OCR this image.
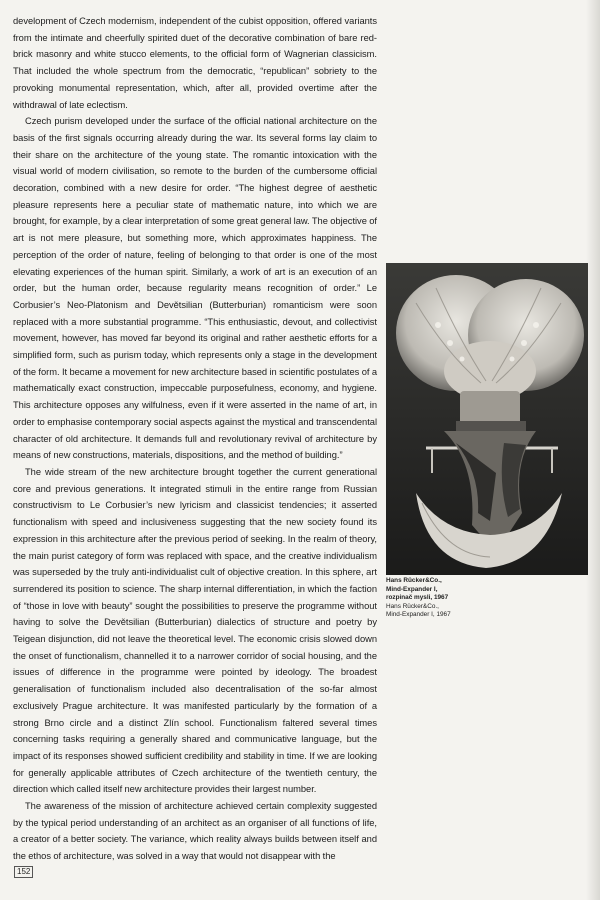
development of Czech modernism, independent of the cubist opposition, offered variants from the intimate and cheerfully spirited duet of the decorative combination of bare red-brick masonry and white stucco elements, to the official form of Wagnerian classicism. That included the whole spectrum from the democratic, “republican” sobriety to the provoking monumental representation, which, after all, provided overtime after the withdrawal of late eclectism.

Czech purism developed under the surface of the official national architecture on the basis of the first signals occurring already during the war. Its several forms lay claim to their share on the architecture of the young state. The romantic intoxication with the visual world of modern civilisation, so remote to the burden of the cumbersome official decoration, combined with a new desire for order. “The highest degree of aesthetic pleasure represents here a peculiar state of mathematic nature, into which we are brought, for example, by a clear interpretation of some great general law. The objective of art is not mere pleasure, but something more, which approximates happiness. The perception of the order of nature, feeling of belonging to that order is one of the most elevating experiences of the human spirit. Similarly, a work of art is an execution of an order, but the human order, because regularity means recognition of order.” Le Corbusier’s Neo-Platonism and Devětsilian (Butterburian) romanticism were soon replaced with a more substantial programme. “This enthusiastic, devout, and collectivist movement, however, has moved far beyond its original and rather aesthetic efforts for a simplified form, such as purism today, which represents only a stage in the development of the form. It became a movement for new architecture based in scientific postulates of a mathematically exact construction, impeccable purposefulness, economy, and hygiene. This architecture opposes any wilfulness, even if it were asserted in the name of art, in order to emphasise contemporary social aspects against the mystical and transcendental character of old architecture. It demands full and revolutionary revival of architecture by means of new constructions, materials, dispositions, and the method of building.”

The wide stream of the new architecture brought together the current generational core and previous generations. It integrated stimuli in the entire range from Russian constructivism to Le Corbusier’s new lyricism and classicist tendencies; it asserted functionalism with speed and inclusiveness suggesting that the new society found its expression in this architecture after the previous period of seeking. In the realm of theory, the main purist category of form was replaced with space, and the creative individualism was superseded by the truly anti-individualist cult of objective creation. In this sphere, art surrendered its position to science. The sharp internal differentiation, in which the faction of “those in love with beauty” sought the possibilities to preserve the programme without having to solve the Devětsilian (Butterburian) dialectics of structure and poetry by Teigean disjunction, did not leave the theoretical level. The economic crisis slowed down the onset of functionalism, channelled it to a narrower corridor of social housing, and the issues of difference in the programme were pointed by ideology. The broadest generalisation of functionalism included also decentralisation of the so-far almost exclusively Prague architecture. It was manifested particularly by the formation of a strong Brno circle and a distinct Zlín school. Functionalism faltered several times concerning tasks requiring a generally shared and communicative language, but the impact of its responses showed sufficient credibility and stability in time. If we are looking for generally applicable attributes of Czech architecture of the twentieth century, the direction which called itself new architecture provides their largest number.

The awareness of the mission of architecture achieved certain complexity suggested by the typical period understanding of an architect as an organiser of all functions of life, a creator of a better society. The variance, which reality always builds between itself and the ethos of architecture, was solved in a way that would not disappear with the

Hans Rücker&Co.,
Mind-Expander I,
rozpinač mysli, 1967
Hans Rücker&Co.,
Mind-Expander I, 1967
152
